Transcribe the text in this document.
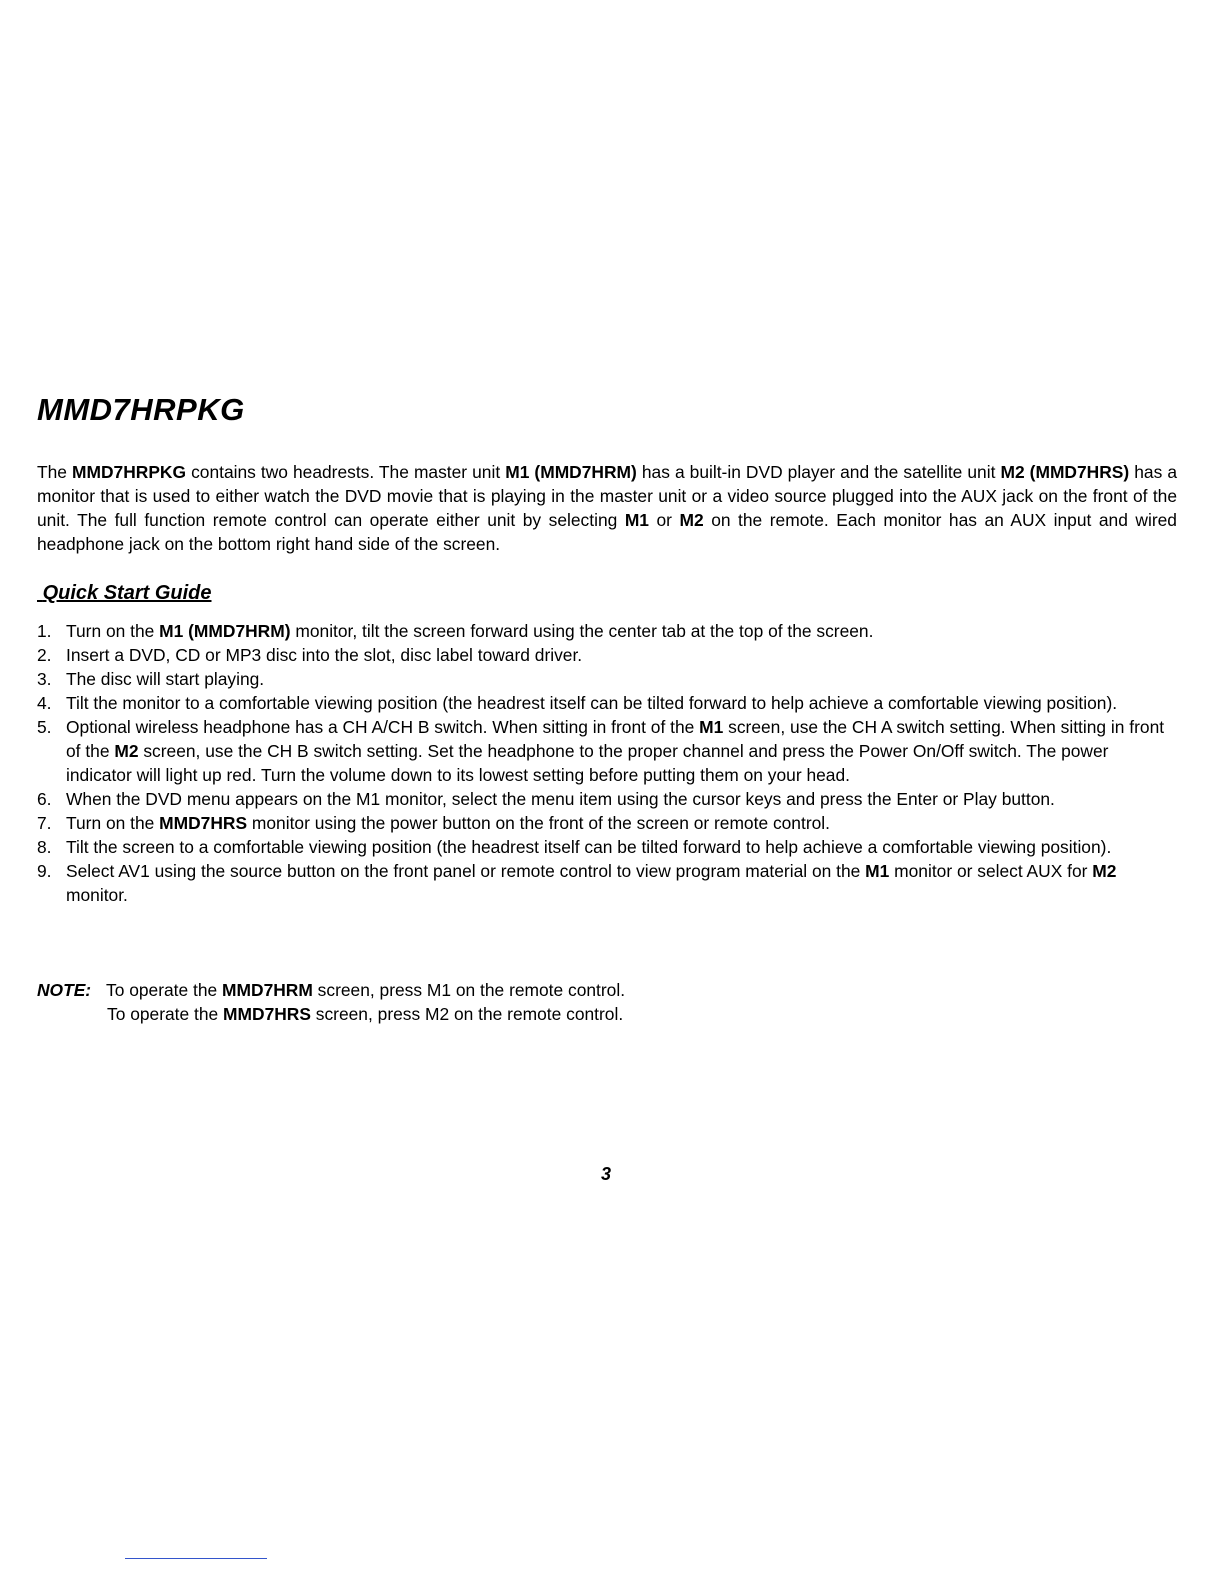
MMD7HRPKG

The MMD7HRPKG contains two headrests. The master unit M1 (MMD7HRM) has a built-in DVD player and the satellite unit M2 (MMD7HRS) has a monitor that is used to either watch the DVD movie that is playing in the master unit or a video source plugged into the AUX jack on the front of the unit. The full function remote control can operate either unit by selecting M1 or M2 on the remote. Each monitor has an AUX input and wired headphone jack on the bottom right hand side of the screen.

Quick Start Guide
1. Turn on the M1 (MMD7HRM) monitor, tilt the screen forward using the center tab at the top of the screen.
2. Insert a DVD, CD or MP3 disc into the slot, disc label toward driver.
3. The disc will start playing.
4. Tilt the monitor to a comfortable viewing position (the headrest itself can be tilted forward to help achieve a comfortable viewing position).
5. Optional wireless headphone has a CH A/CH B switch. When sitting in front of the M1 screen, use the CH A switch setting. When sitting in front of the M2 screen, use the CH B switch setting. Set the headphone to the proper channel and press the Power On/Off switch. The power indicator will light up red. Turn the volume down to its lowest setting before putting them on your head.
6. When the DVD menu appears on the M1 monitor, select the menu item using the cursor keys and press the Enter or Play button.
7. Turn on the MMD7HRS monitor using the power button on the front of the screen or remote control.
8. Tilt the screen to a comfortable viewing position (the headrest itself can be tilted forward to help achieve a comfortable viewing position).
9. Select AV1 using the source button on the front panel or remote control to view program material on the M1 monitor or select AUX for M2 monitor.
NOTE: To operate the MMD7HRM screen, press M1 on the remote control.
To operate the MMD7HRS screen, press M2 on the remote control.
3
